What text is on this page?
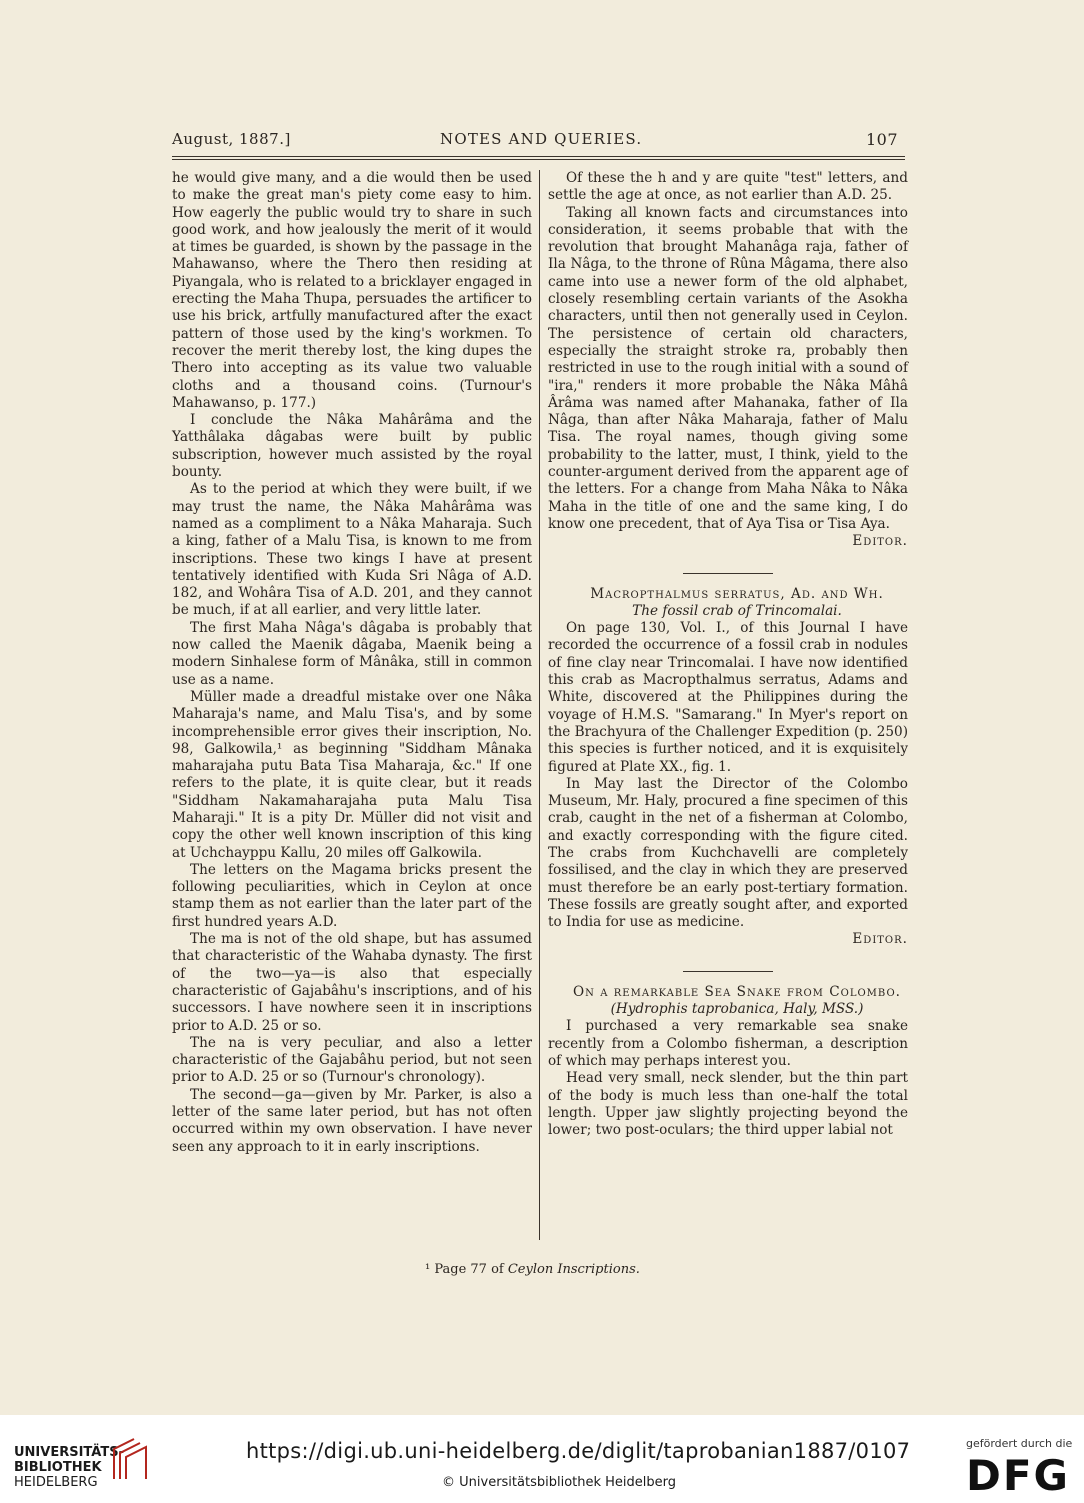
August, 1887.]	NOTES AND QUERIES.	107

he would give many, and a die would then be used to make the great man's piety come easy to him. How eagerly the public would try to share in such good work, and how jealously the merit of it would at times be guarded, is shown by the passage in the Mahawanso, where the Thero then residing at Piyangala, who is related to a bricklayer engaged in erecting the Maha Thupa, persuades the artificer to use his brick, artfully manufactured after the exact pattern of those used by the king's workmen. To recover the merit thereby lost, the king dupes the Thero into accepting as its value two valuable cloths and a thousand coins. (Turnour's Mahawanso, p. 177.)

I conclude the Nâka Mahârâma and the Yatthâlaka dâgabas were built by public subscription, however much assisted by the royal bounty.

As to the period at which they were built, if we may trust the name, the Nâka Mahârâma was named as a compliment to a Nâka Maharaja. Such a king, father of a Malu Tisa, is known to me from inscriptions. These two kings I have at present tentatively identified with Kuda Sri Nâga of A.D. 182, and Wohâra Tisa of A.D. 201, and they cannot be much, if at all earlier, and very little later.

The first Maha Nâga's dâgaba is probably that now called the Maenik dâgaba, Maenik being a modern Sinhalese form of Mânâka, still in common use as a name.

Müller made a dreadful mistake over one Nâka Maharaja's name, and Malu Tisa's, and by some incomprehensible error gives their inscription, No. 98, Galkowila,¹ as beginning "Siddham Mânaka maharajaha putu Bata Tisa Maharaja, &c." If one refers to the plate, it is quite clear, but it reads "Siddham Nakamaharajaha puta Malu Tisa Maharaji." It is a pity Dr. Müller did not visit and copy the other well known inscription of this king at Uchchayppu Kallu, 20 miles off Galkowila.

The letters on the Magama bricks present the following peculiarities, which in Ceylon at once stamp them as not earlier than the later part of the first hundred years A.D.

The ma is not of the old shape, but has assumed that characteristic of the Wahaba dynasty. The first of the two—ya—is also that especially characteristic of Gajabâhu's inscriptions, and of his successors. I have nowhere seen it in inscriptions prior to A.D. 25 or so.

The na is very peculiar, and also a letter characteristic of the Gajabâhu period, but not seen prior to A.D. 25 or so (Turnour's chronology).

The second—ga—given by Mr. Parker, is also a letter of the same later period, but has not often occurred within my own observation. I have never seen any approach to it in early inscriptions.

Of these the h and y are quite "test" letters, and settle the age at once, as not earlier than A.D. 25.

Taking all known facts and circumstances into consideration, it seems probable that with the revolution that brought Mahanâga raja, father of Ila Nâga, to the throne of Rûna Mâgama, there also came into use a newer form of the old alphabet, closely resembling certain variants of the Asokha characters, until then not generally used in Ceylon. The persistence of certain old characters, especially the straight stroke ra, probably then restricted in use to the rough initial with a sound of "ira," renders it more probable the Nâka Mâhâ Ârâma was named after Mahanaka, father of Ila Nâga, than after Nâka Maharaja, father of Malu Tisa. The royal names, though giving some probability to the latter, must, I think, yield to the counter-argument derived from the apparent age of the letters. For a change from Maha Nâka to Nâka Maha in the title of one and the same king, I do know one precedent, that of Aya Tisa or Tisa Aya.

Editor.

Macropthalmus serratus, Ad. and Wh.

The fossil crab of Trincomalai.

On page 130, Vol. I., of this Journal I have recorded the occurrence of a fossil crab in nodules of fine clay near Trincomalai. I have now identified this crab as Macropthalmus serratus, Adams and White, discovered at the Philippines during the voyage of H.M.S. "Samarang." In Myer's report on the Brachyura of the Challenger Expedition (p. 250) this species is further noticed, and it is exquisitely figured at Plate XX., fig. 1.

In May last the Director of the Colombo Museum, Mr. Haly, procured a fine specimen of this crab, caught in the net of a fisherman at Colombo, and exactly corresponding with the figure cited. The crabs from Kuchchavelli are completely fossilised, and the clay in which they are preserved must therefore be an early post-tertiary formation. These fossils are greatly sought after, and exported to India for use as medicine.

Editor.

On a remarkable Sea Snake from Colombo.

(Hydrophis taprobanica, Haly, MSS.)

I purchased a very remarkable sea snake recently from a Colombo fisherman, a description of which may perhaps interest you.

Head very small, neck slender, but the thin part of the body is much less than one-half the total length. Upper jaw slightly projecting beyond the lower; two post-oculars; the third upper labial not

¹ Page 77 of Ceylon Inscriptions.
UNIVERSITÄTS-
BIBLIOTHEK
HEIDELBERG
https://digi.ub.uni-heidelberg.de/diglit/taprobanian1887/0107
© Universitätsbibliothek Heidelberg
gefördert durch die
DFG
